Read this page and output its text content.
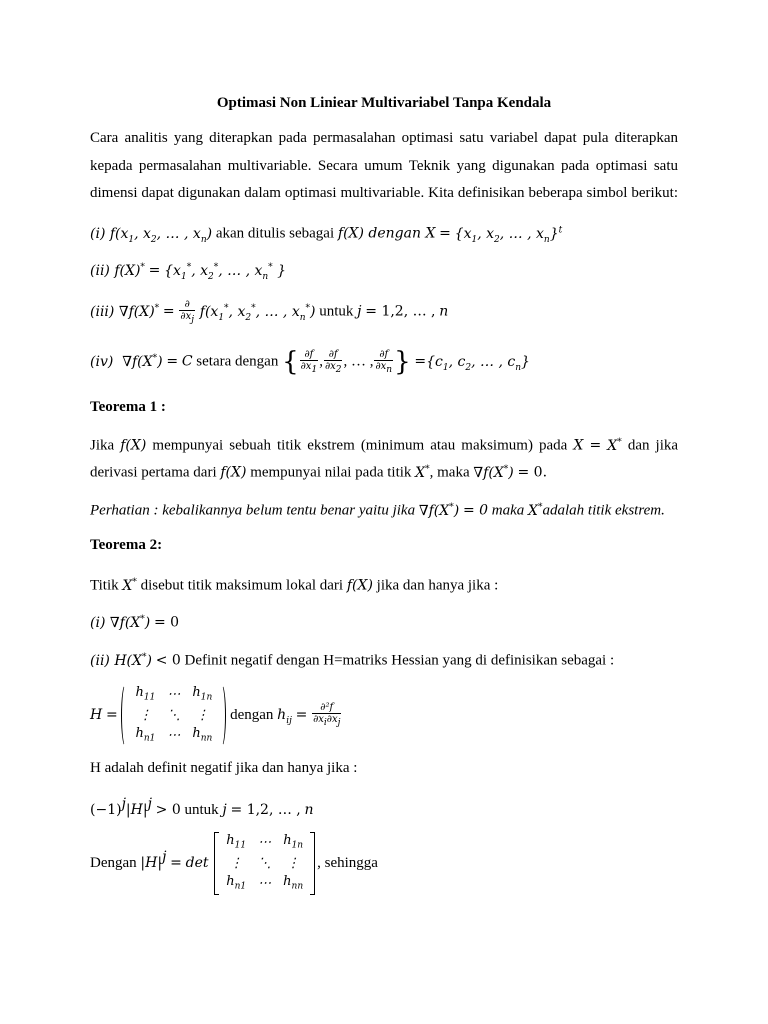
Optimasi Non Liniear Multivariabel Tanpa Kendala
Cara analitis yang diterapkan pada permasalahan optimasi satu variabel dapat pula diterapkan
kepada permasalahan multivariable. Secara umum Teknik yang digunakan pada optimasi satu
dimensi dapat digunakan dalam optimasi multivariable. Kita definisikan beberapa simbol berikut:
(i) $f(x_1$, $x_2$, … , $x_n$) akan ditulis sebagai f(X) dengan $X = \{x_1$, $x_2$, … , $x_n\}^t$
(ii) $f(X)^* = \{x_1^*$, $x_2^*$, … , $x_n^*$ }
(iii) $\nabla f(X)^* = \frac{\partial}{\partial x_j} f(x_1^*$, $x_2^*$, … , $x_n^*$) untuk j = 1,2, … , n
(iv)  ∇f(X*) = C setara dengan { $\frac{\partial f}{\partial x_1}$ , $\frac{\partial f}{\partial x_2}$ , … , $\frac{\partial f}{\partial x_n}$ } $=\{c_1$, $c_2$, … , $c_n$}
Teorema 1 :
Jika f(X) mempunyai sebuah titik ekstrem (minimum atau maksimum) pada X = X* dan jika
derivasi pertama dari f(X) mempunyai nilai pada titik X*, maka ∇f(X*) = 0.
Perhatian : kebalikannya belum tentu benar yaitu jika ∇f(X*) = 0 maka X*adalah titik ekstrem.
Teorema 2:
Titik X* disebut titik maksimum lokal dari f(X) jika dan hanya jika :
(i) ∇f(X*) = 0
(ii) H(X*) < 0 Definit negatif dengan H=matriks Hessian yang di definisikan sebagai :
H =
$h_{11}$	⋯	$h_{1n}$
⋮	⋱	⋮
$h_{n1}$	⋯	$h_{nn}$
dengan $h_{ij} = \frac{\text{∂²f}}{\partial x_i\partial x_j}$
H adalah definit negatif jika dan hanya jika :
$(-1)^j|H|^j > 0$ untuk j = 1,2, … , n
Dengan $|H|^j = \det$
$h_{11}$	⋯	$h_{1n}$
⋮	⋱	⋮
$h_{n1}$	⋯	$h_{nn}$
, sehingga
